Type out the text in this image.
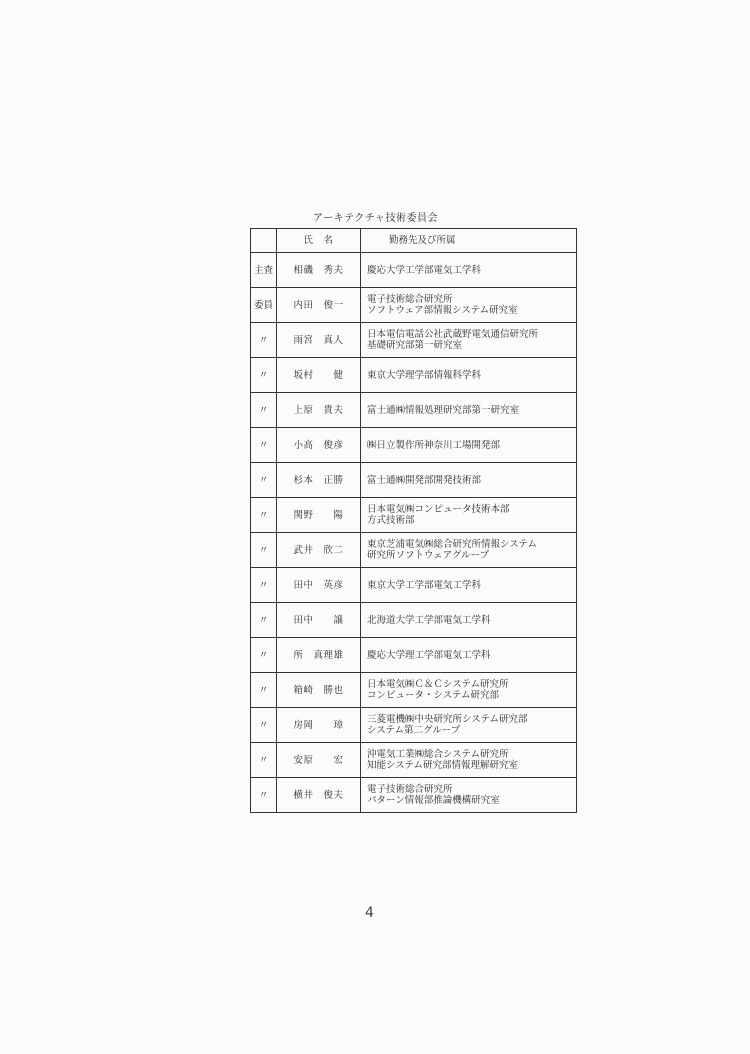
アーキテクチャ技術委員会
	氏　名	勤務先及び所属
主査	相磯　秀夫	慶応大学工学部電気工学科

委員	内田　俊一	電子技術総合研究所
ソフトウェア部情報システム研究室

〃	雨宮　真人	日本電信電話公社武蔵野電気通信研究所
基礎研究部第一研究室

〃	坂村　　健	東京大学理学部情報科学科

〃	上原　貴夫	富士通㈱情報処理研究部第一研究室

〃	小高　俊彦	㈱日立製作所神奈川工場開発部

〃	杉本　正勝	富士通㈱開発部開発技術部

〃	関野　　陽	日本電気㈱コンピュータ技術本部
方式技術部

〃	武井　欣二	東京芝浦電気㈱総合研究所情報システム
研究所ソフトウェアグループ

〃	田中　英彦	東京大学工学部電気工学科

〃	田中　　譲	北海道大学工学部電気工学科

〃	所　真理雄	慶応大学理工学部電気工学科

〃	箱崎　勝也	日本電気㈱Ｃ＆Ｃシステム研究所
コンピュータ・システム研究部

〃	房岡　　璋	三菱電機㈱中央研究所システム研究部
システム第二グループ

〃	安原　　宏	沖電気工業㈱総合システム研究所
知能システム研究部情報理解研究室

〃	横井　俊夫	電子技術総合研究所
パターン情報部推論機構研究室
4
